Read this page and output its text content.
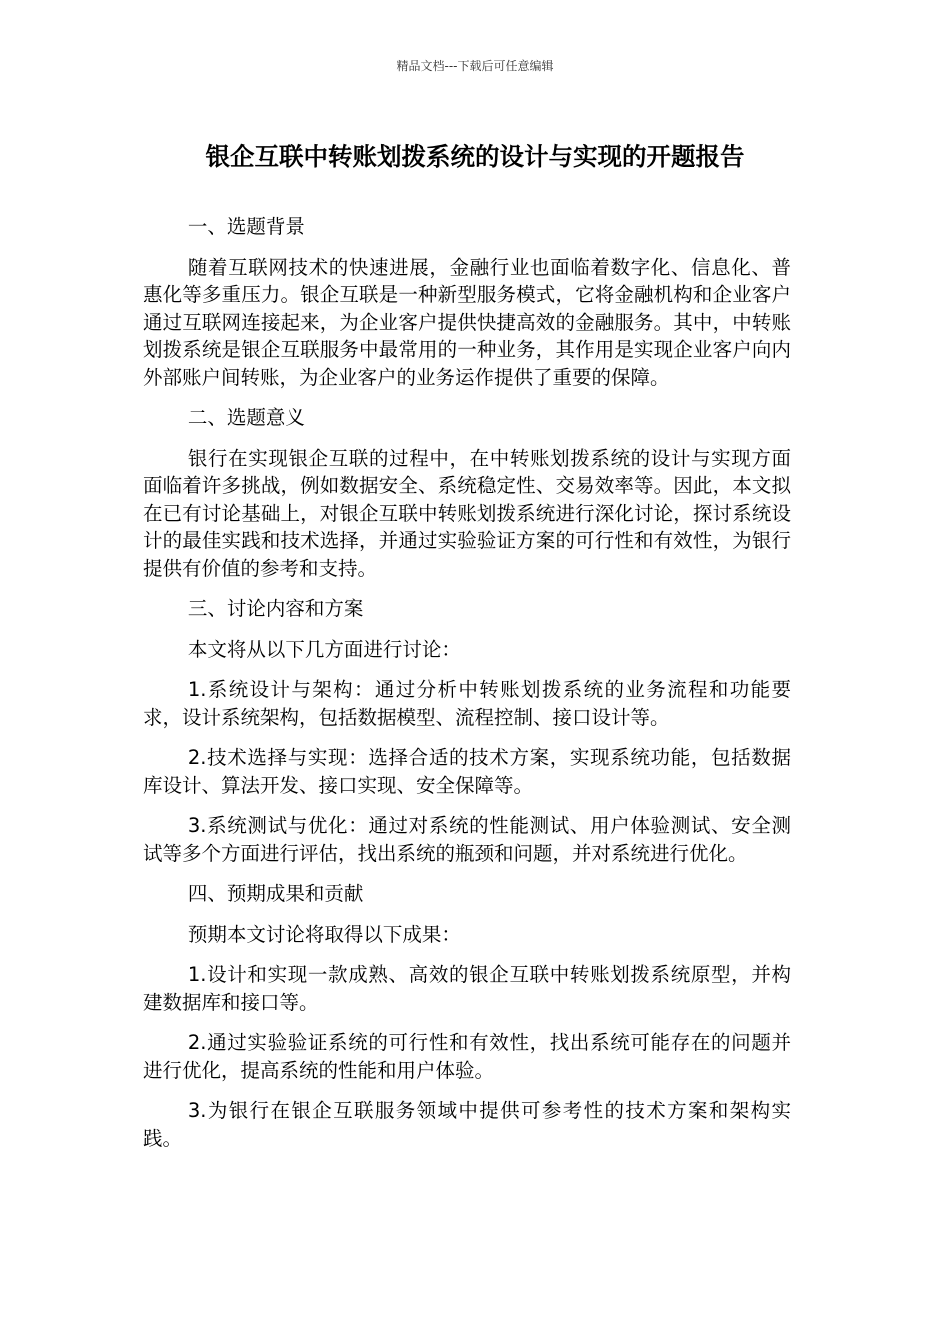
精品文档---下载后可任意编辑
银企互联中转账划拨系统的设计与实现的开题报告

一、选题背景

随着互联网技术的快速进展，金融行业也面临着数字化、信息化、普惠化等多重压力。银企互联是一种新型服务模式，它将金融机构和企业客户通过互联网连接起来，为企业客户提供快捷高效的金融服务。其中，中转账划拨系统是银企互联服务中最常用的一种业务，其作用是实现企业客户向内外部账户间转账，为企业客户的业务运作提供了重要的保障。

二、选题意义

银行在实现银企互联的过程中，在中转账划拨系统的设计与实现方面面临着许多挑战，例如数据安全、系统稳定性、交易效率等。因此，本文拟在已有讨论基础上，对银企互联中转账划拨系统进行深化讨论，探讨系统设计的最佳实践和技术选择，并通过实验验证方案的可行性和有效性，为银行提供有价值的参考和支持。

三、讨论内容和方案

本文将从以下几方面进行讨论：

1.系统设计与架构：通过分析中转账划拨系统的业务流程和功能要求，设计系统架构，包括数据模型、流程控制、接口设计等。

2.技术选择与实现：选择合适的技术方案，实现系统功能，包括数据库设计、算法开发、接口实现、安全保障等。

3.系统测试与优化：通过对系统的性能测试、用户体验测试、安全测试等多个方面进行评估，找出系统的瓶颈和问题，并对系统进行优化。

四、预期成果和贡献

预期本文讨论将取得以下成果：

1.设计和实现一款成熟、高效的银企互联中转账划拨系统原型，并构建数据库和接口等。

2.通过实验验证系统的可行性和有效性，找出系统可能存在的问题并进行优化，提高系统的性能和用户体验。

3.为银行在银企互联服务领域中提供可参考性的技术方案和架构实践。
